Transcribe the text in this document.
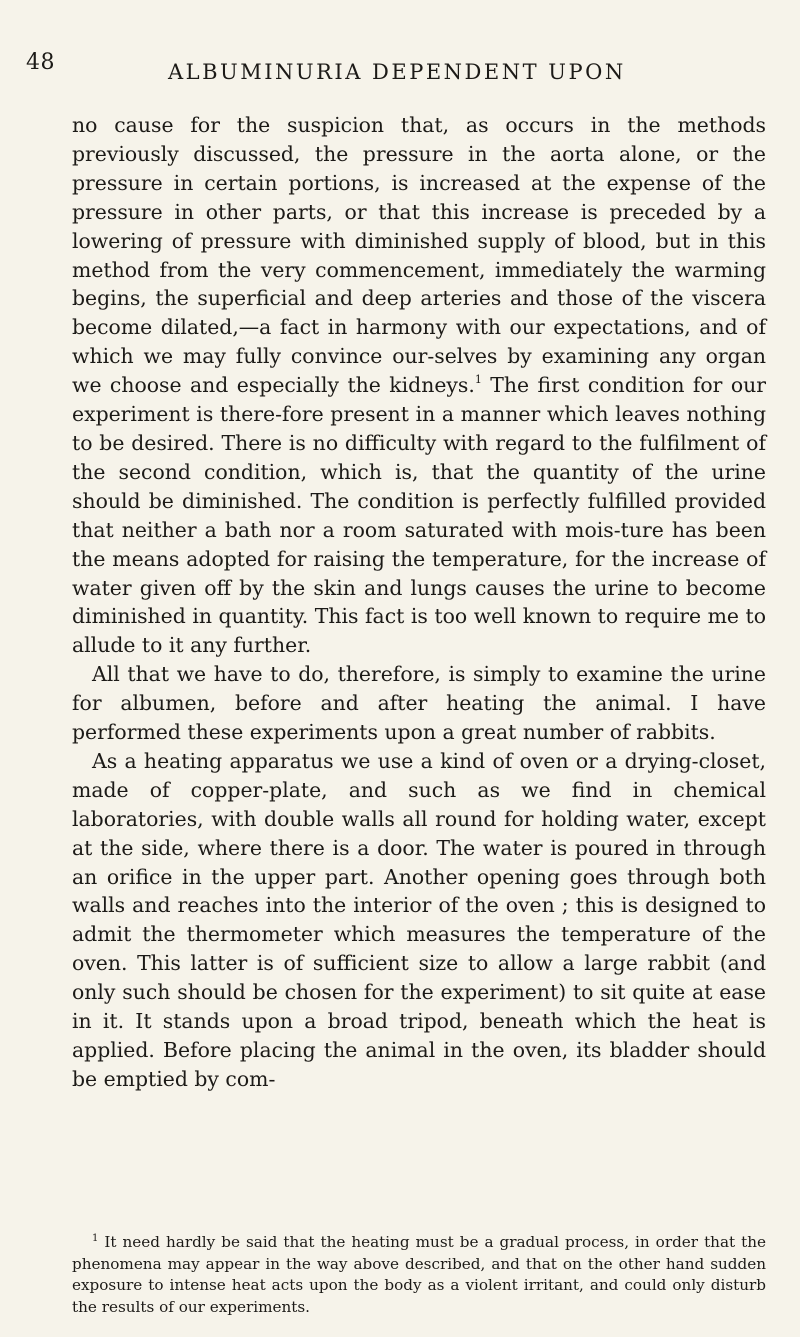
48	ALBUMINURIA DEPENDENT UPON

no cause for the suspicion that, as occurs in the methods previously discussed, the pressure in the aorta alone, or the pressure in certain portions, is increased at the expense of the pressure in other parts, or that this increase is preceded by a lowering of pressure with diminished supply of blood, but in this method from the very commencement, immediately the warming begins, the superficial and deep arteries and those of the viscera become dilated,—a fact in harmony with our expectations, and of which we may fully convince our-selves by examining any organ we choose and especially the kidneys.$^1$ The first condition for our experiment is there-fore present in a manner which leaves nothing to be desired. There is no difficulty with regard to the fulfilment of the second condition, which is, that the quantity of the urine should be diminished. The condition is perfectly fulfilled provided that neither a bath nor a room saturated with mois-ture has been the means adopted for raising the temperature, for the increase of water given off by the skin and lungs causes the urine to become diminished in quantity. This fact is too well known to require me to allude to it any further.

All that we have to do, therefore, is simply to examine the urine for albumen, before and after heating the animal. I have performed these experiments upon a great number of rabbits.

As a heating apparatus we use a kind of oven or a drying-closet, made of copper-plate, and such as we find in chemical laboratories, with double walls all round for holding water, except at the side, where there is a door. The water is poured in through an orifice in the upper part. Another opening goes through both walls and reaches into the interior of the oven ; this is designed to admit the thermometer which measures the temperature of the oven. This latter is of sufficient size to allow a large rabbit (and only such should be chosen for the experiment) to sit quite at ease in it. It stands upon a broad tripod, beneath which the heat is applied. Before placing the animal in the oven, its bladder should be emptied by com-

$^1$ It need hardly be said that the heating must be a gradual process, in order that the phenomena may appear in the way above described, and that on the other hand sudden exposure to intense heat acts upon the body as a violent irritant, and could only disturb the results of our experiments.
